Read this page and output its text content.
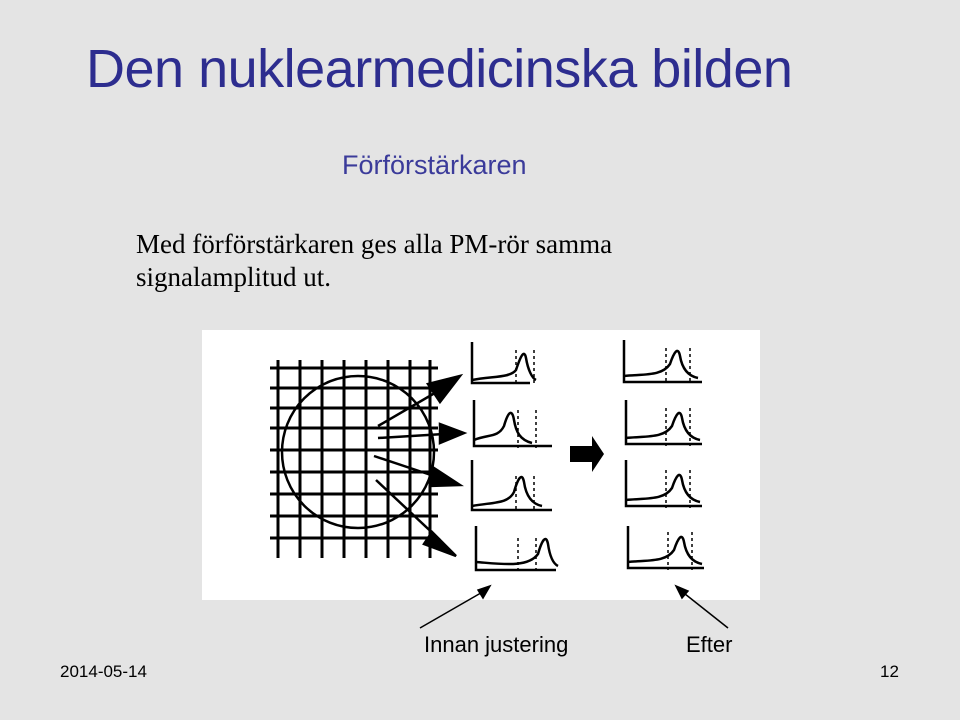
Den nuklearmedicinska bilden
Förförstärkaren
Med förförstärkaren ges alla PM-rör samma
signalamplitud ut.
Innan justering	Efter
2014-05-14	12
